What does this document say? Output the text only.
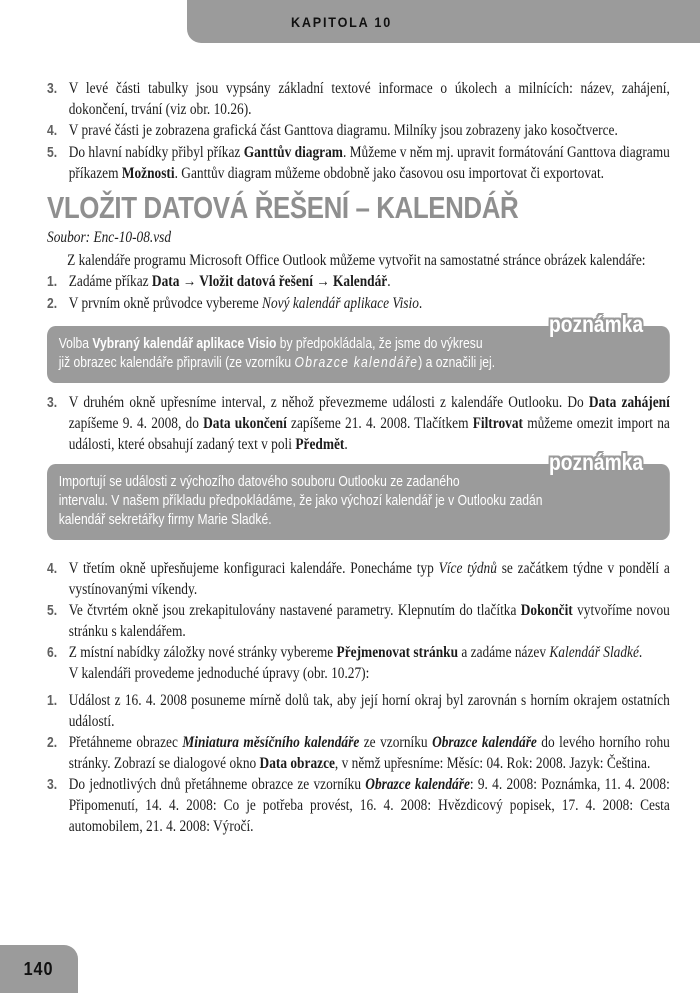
KAPITOLA 10
3. V levé části tabulky jsou vypsány základní textové informace o úkolech a milnících: název, zahájení, dokončení, trvání (viz obr. 10.26).
4. V pravé části je zobrazena grafická část Ganttova diagramu. Milníky jsou zobrazeny jako kosočtverce.
5. Do hlavní nabídky přibyl příkaz Ganttův diagram. Můžeme v něm mj. upravit formátování Ganttova diagramu příkazem Možnosti. Ganttův diagram můžeme obdobně jako časovou osu importovat či exportovat.
VLOŽIT DATOVÁ ŘEŠENÍ – KALENDÁŘ
Soubor: Enc-10-08.vsd

Z kalendáře programu Microsoft Office Outlook můžeme vytvořit na samostatné stránce obrázek kalendáře:

1. Zadáme příkaz Data → Vložit datová řešení → Kalendář.
2. V prvním okně průvodce vybereme Nový kalendář aplikace Visio.
poznámka
Volba Vybraný kalendář aplikace Visio by předpokládala, že jsme do výkresu
již obrazec kalendáře připravili (ze vzorníku Obrazce kalendáře) a označili jej.
3. V druhém okně upřesníme interval, z něhož převezmeme události z kalendáře Outlooku. Do Data zahájení zapíšeme 9. 4. 2008, do Data ukončení zapíšeme 21. 4. 2008. Tlačítkem Filtrovat můžeme omezit import na události, které obsahují zadaný text v poli Předmět.
poznámka
Importují se události z výchozího datového souboru Outlooku ze zadaného
intervalu. V našem příkladu předpokládáme, že jako výchozí kalendář je v Outlooku zadán
kalendář sekretářky firmy Marie Sladké.
4. V třetím okně upřesňujeme konfiguraci kalendáře. Ponecháme typ Více týdnů se začátkem týdne v pondělí a vystínovanými víkendy.
5. Ve čtvrtém okně jsou zrekapitulovány nastavené parametry. Klepnutím do tlačítka Dokončit vytvoříme novou stránku s kalendářem.
6. Z místní nabídky záložky nové stránky vybereme Přejmenovat stránku a zadáme název Kalendář Sladké.
V kalendáři provedeme jednoduché úpravy (obr. 10.27):
1. Událost z 16. 4. 2008 posuneme mírně dolů tak, aby její horní okraj byl zarovnán s horním okrajem ostatních událostí.
2. Přetáhneme obrazec Miniatura měsíčního kalendáře ze vzorníku Obrazce kalendáře do levého horního rohu stránky. Zobrazí se dialogové okno Data obrazce, v němž upřesníme: Měsíc: 04. Rok: 2008. Jazyk: Čeština.
3. Do jednotlivých dnů přetáhneme obrazce ze vzorníku Obrazce kalendáře: 9. 4. 2008: Poznámka, 11. 4. 2008: Připomenutí, 14. 4. 2008: Co je potřeba provést, 16. 4. 2008: Hvězdicový popisek, 17. 4. 2008: Cesta automobilem, 21. 4. 2008: Výročí.
140
